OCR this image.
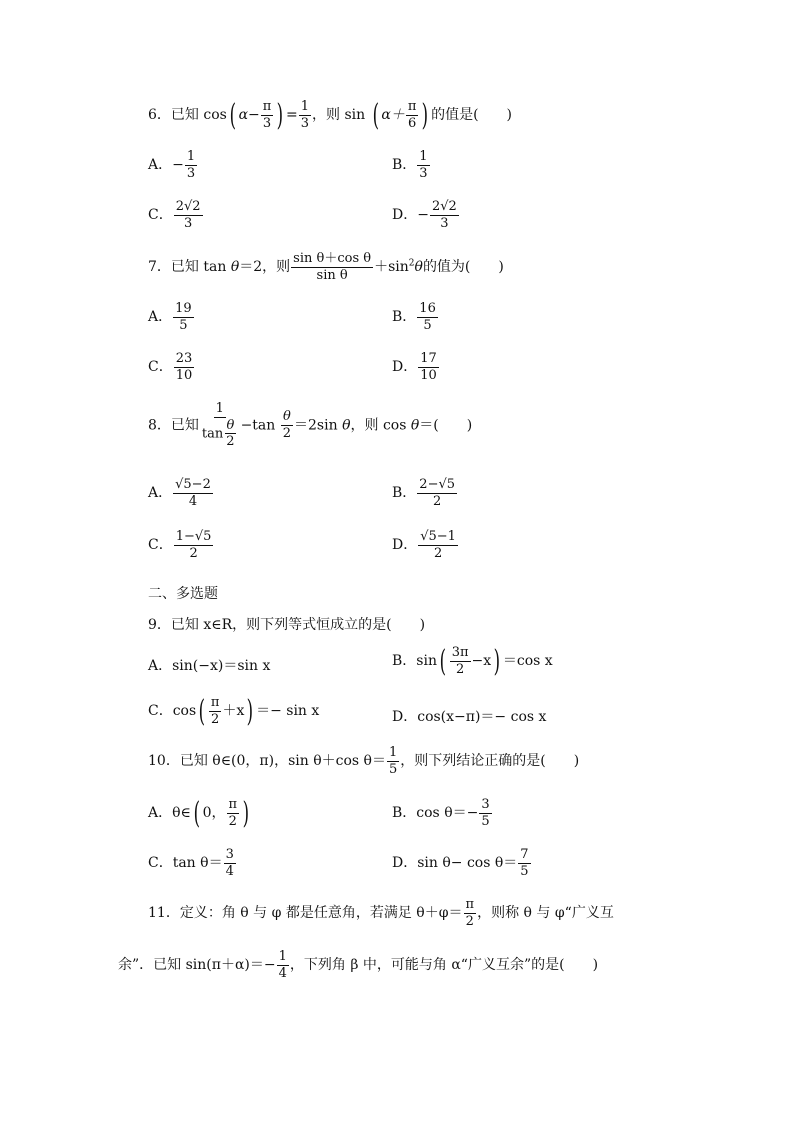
6．已知 cos( $\alpha- \frac{\pi}{3}$ ) = $\frac{1}{3}$ ，则 sin ( $\alpha+ \frac{\pi}{6}$ ) 的值是(　　)
A．− $\frac{1}{3}$	B． $\frac{1}{3}$
C． $\frac{2√2}{3}$	D．− $\frac{2√2}{3}$
7．已知 tan θ＝2，则 $\frac{\text{sin θ＋cos θ}}{\text{sin θ}} +\sin^2\theta$的值为(　　)
A． $\frac{19}{5}$	B． $\frac{16}{5}$
C． $\frac{23}{10}$	D． $\frac{17}{10}$
8．已知 $\frac{1}{\tan \frac{\theta}{2}} -\tan \frac{\theta}{2} =2\sin$ θ，则 cos θ＝(　　)
A． $\frac{√5-2}{4}$	B． $\frac{2-√5}{2}$
C． $\frac{1-√5}{2}$	D． $\frac{√5-1}{2}$
二、多选题
9．已知 x∈R，则下列等式恒成立的是(　　)
A．sin(−x)＝sin x	B．$\sin( \frac{3\pi}{2} -x) =\cos$ x
C．$\cos( \frac{\pi}{2} +x) =- \sin x$	D．cos(x−π)＝− cos x
10．已知 θ∈(0，π)，sin θ＋cos $\theta= \frac{1}{5}$ ，则下列结论正确的是(　　)
A．θ∈( 0， $\frac{\pi}{2}$ )	B．$\cos \theta=- \frac{3}{5}$
C．$\tan \theta= \frac{3}{4}$	D．$\sin \theta- \cos \theta= \frac{7}{5}$
11．定义：角 θ 与 φ 都是任意角，若满足 $\theta+\varphi= \frac{\pi}{2}$ ，则称 θ 与 φ“广义互
余”．已知 $\sin(\pi+\alpha)=- \frac{1}{4}$ ，下列角 β 中，可能与角 α“广义互余”的是(　　)
